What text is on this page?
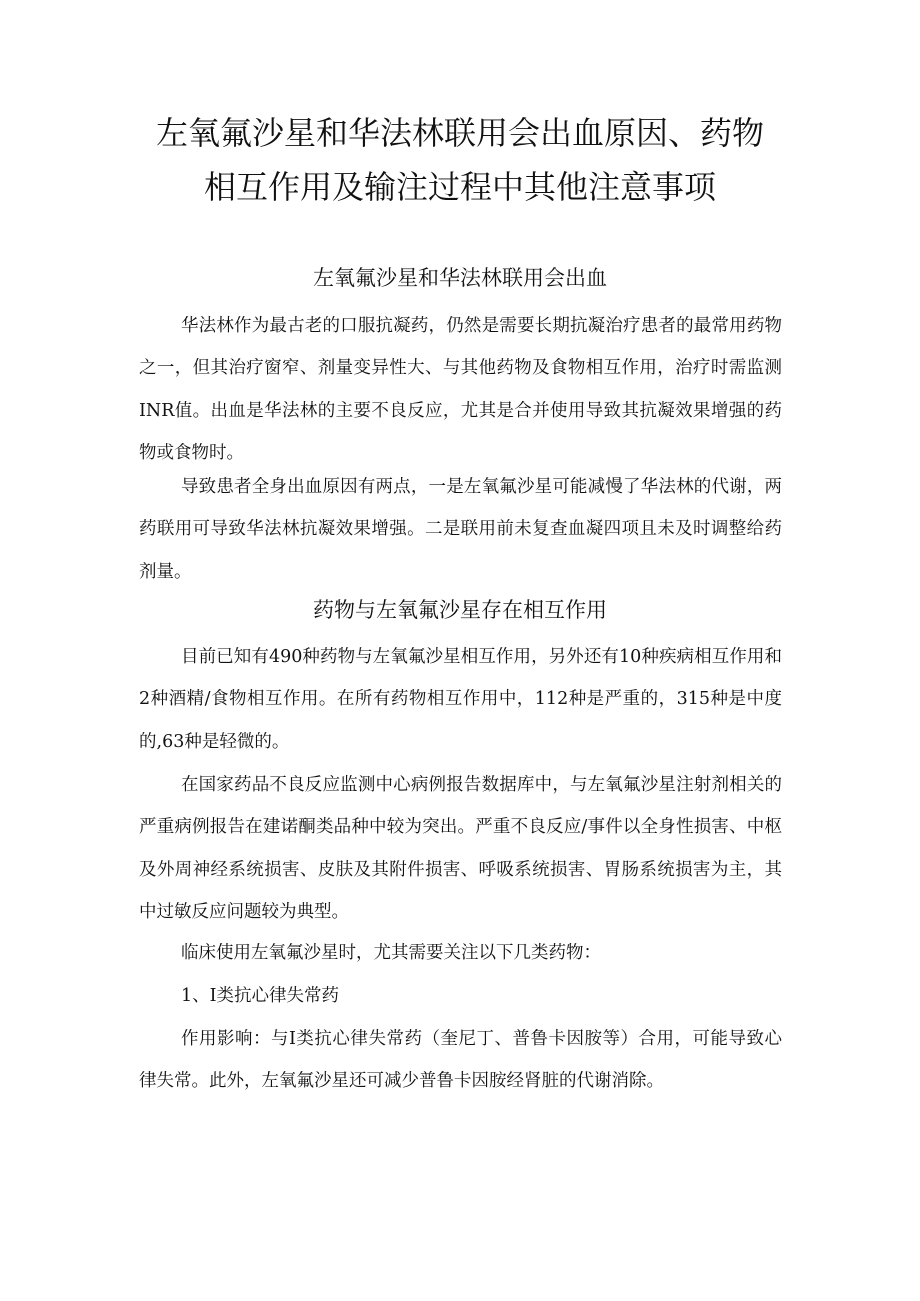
左氧氟沙星和华法林联用会出血原因、药物
相互作用及输注过程中其他注意事项
左氧氟沙星和华法林联用会出血

华法林作为最古老的口服抗凝药，仍然是需要长期抗凝治疗患者的最常用药物之一，但其治疗窗窄、剂量变异性大、与其他药物及食物相互作用，治疗时需监测INR值。出血是华法林的主要不良反应，尤其是合并使用导致其抗凝效果增强的药物或食物时。

导致患者全身出血原因有两点，一是左氧氟沙星可能减慢了华法林的代谢，两药联用可导致华法林抗凝效果增强。二是联用前未复查血凝四项且未及时调整给药剂量。

药物与左氧氟沙星存在相互作用

目前已知有490种药物与左氧氟沙星相互作用，另外还有10种疾病相互作用和2种酒精/食物相互作用。在所有药物相互作用中，112种是严重的，315种是中度的,63种是轻微的。

在国家药品不良反应监测中心病例报告数据库中，与左氧氟沙星注射剂相关的严重病例报告在建诺酮类品种中较为突出。严重不良反应/事件以全身性损害、中枢及外周神经系统损害、皮肤及其附件损害、呼吸系统损害、胃肠系统损害为主，其中过敏反应问题较为典型。

临床使用左氧氟沙星时，尤其需要关注以下几类药物：

1、I类抗心律失常药

作用影响：与I类抗心律失常药（奎尼丁、普鲁卡因胺等）合用，可能导致心律失常。此外，左氧氟沙星还可减少普鲁卡因胺经肾脏的代谢消除。
